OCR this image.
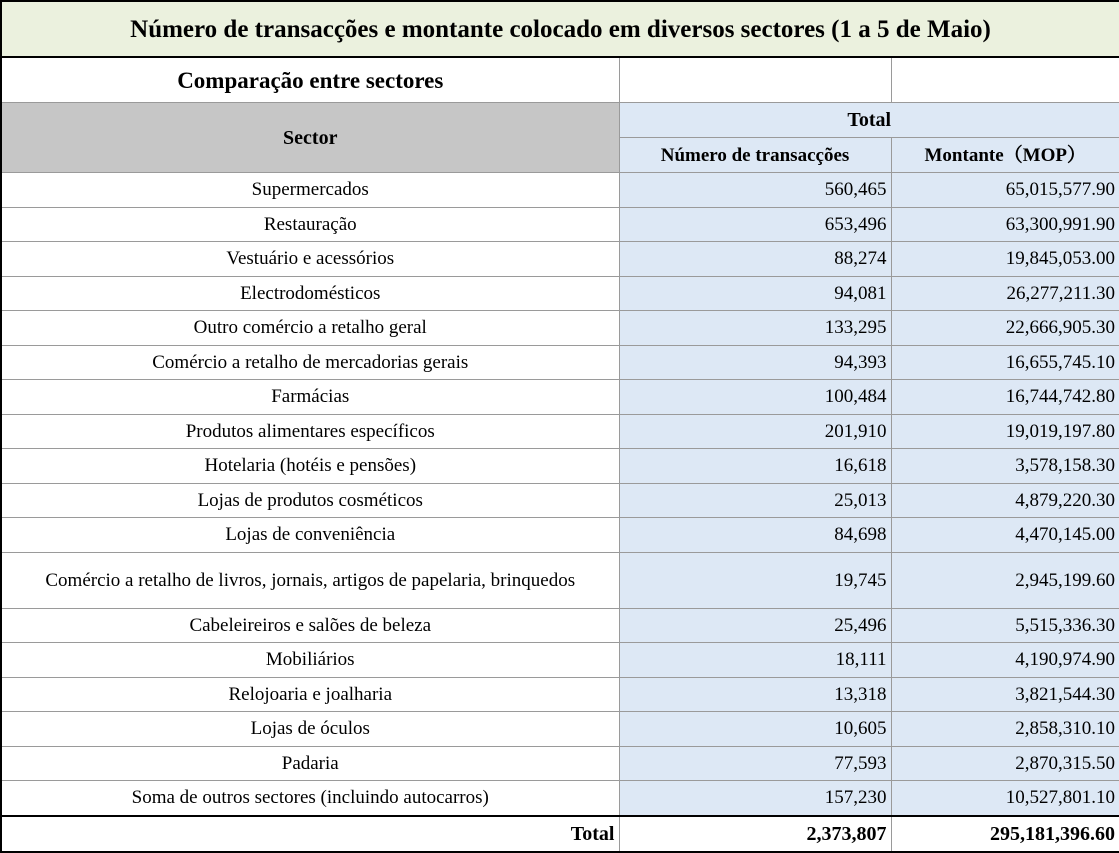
Número de transacções e montante colocado em diversos sectores (1 a 5 de Maio)		
Comparação entre sectores		
Sector	Total	
	Número de transacções	Montante（MOP）
Supermercados	560,465	65,015,577.90
Restauração	653,496	63,300,991.90
Vestuário e acessórios	88,274	19,845,053.00
Electrodomésticos	94,081	26,277,211.30
Outro comércio a retalho geral	133,295	22,666,905.30
Comércio a retalho de mercadorias gerais	94,393	16,655,745.10
Farmácias	100,484	16,744,742.80
Produtos alimentares específicos	201,910	19,019,197.80
Hotelaria (hotéis e pensões)	16,618	3,578,158.30
Lojas de produtos cosméticos	25,013	4,879,220.30
Lojas de conveniência	84,698	4,470,145.00
Comércio a retalho de livros, jornais, artigos de papelaria, brinquedos	19,745	2,945,199.60
Cabeleireiros e salões de beleza	25,496	5,515,336.30
Mobiliários	18,111	4,190,974.90
Relojoaria e joalharia	13,318	3,821,544.30
Lojas de óculos	10,605	2,858,310.10
Padaria	77,593	2,870,315.50
Soma de outros sectores (incluindo autocarros)	157,230	10,527,801.10
Total	2,373,807	295,181,396.60
